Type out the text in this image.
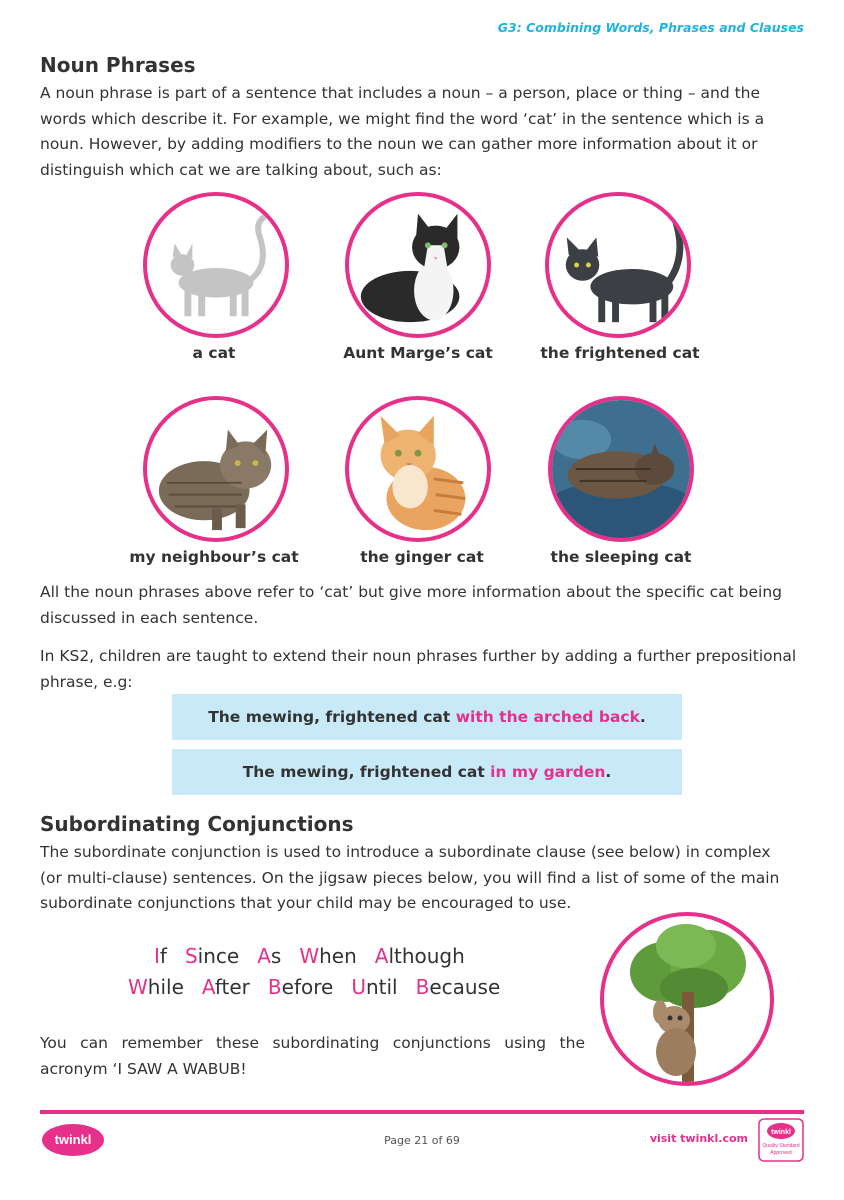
G3: Combining Words, Phrases and Clauses
Noun Phrases
A noun phrase is part of a sentence that includes a noun – a person, place or thing – and the
words which describe it. For example, we might find the word ‘cat’ in the sentence which is a
noun. However, by adding modifiers to the noun we can gather more information about it or
distinguish which cat we are talking about, such as:
a cat	Aunt Marge’s cat	the frightened cat
my neighbour’s cat	the ginger cat	the sleeping cat
All the noun phrases above refer to ‘cat’ but give more information about the specific cat being
discussed in each sentence.
In KS2, children are taught to extend their noun phrases further by adding a further prepositional
phrase, e.g:
The mewing, frightened cat with the arched back.
The mewing, frightened cat in my garden.
Subordinating Conjunctions
The subordinate conjunction is used to introduce a subordinate clause (see below) in complex
(or multi-clause) sentences. On the jigsaw pieces below, you will find a list of some of the main
subordinate conjunctions that your child may be encouraged to use.
If Since As When Although
While After Before Until Because
You can remember these subordinating conjunctions using the
acronym ‘I SAW A WABUB!
twinkl	Page 21 of 69	visit twinkl.com	twinkl
Quality Standard
Approved
